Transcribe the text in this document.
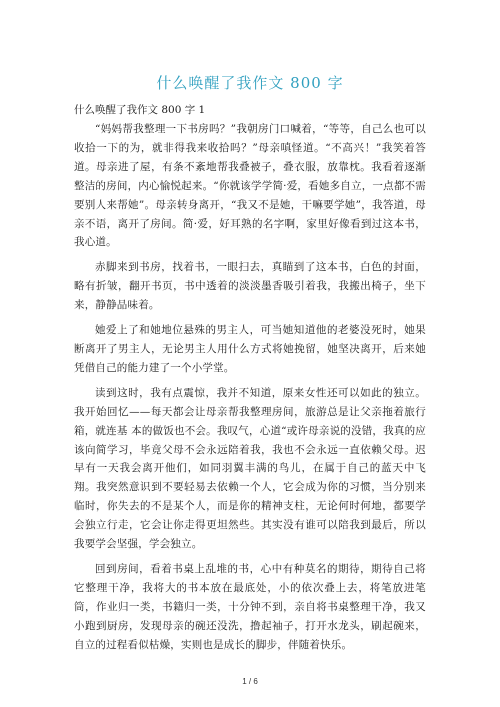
什么唤醒了我作文 800 字

什么唤醒了我作文 800 字 1

“妈妈帮我整理一下书房吗？”我朝房门口喊着，“等等，自己么也可以收拾一下的为，就非得我来收拾吗？”母亲嗔怪道。“不高兴！”我笑着答道。母亲进了屋，有条不紊地帮我叠被子，叠衣服，放靠枕。我看着逐渐整洁的房间，内心愉悦起来。“你就该学学简·爱，看她多自立，一点都不需要别人来帮她”。母亲转身离开，“我又不是她，干嘛要学她”，我答道，母亲不语，离开了房间。简·爱，好耳熟的名字啊，家里好像看到过这本书，我心道。

赤脚来到书房，找着书，一眼扫去，真瞄到了这本书，白色的封面，略有折皱，翻开书页，书中透着的淡淡墨香吸引着我，我搬出椅子，坐下来，静静品味着。

她爱上了和她地位悬殊的男主人，可当她知道他的老婆没死时，她果断离开了男主人，无论男主人用什么方式将她挽留，她坚决离开，后来她凭借自己的能力建了一个小学堂。

读到这时，我有点震惊，我并不知道，原来女性还可以如此的独立。我开始回忆——每天都会让母亲帮我整理房间，旅游总是让父亲拖着旅行箱，就连基 本的做饭也不会。我叹气，心道“或许母亲说的没错，我真的应该向简学习，毕竟父母不会永远陪着我，我也不会永远一直依赖父母。迟早有一天我会离开他们，如同羽翼丰满的鸟儿，在属于自己的蓝天中飞翔。我突然意识到不要轻易去依赖一个人，它会成为你的习惯，当分别来临时，你失去的不是某个人，而是你的精神支柱，无论何时何地，都要学会独立行走，它会让你走得更坦然些。其实没有谁可以陪我到最后，所以我要学会坚强，学会独立。

回到房间，看着书桌上乱堆的书，心中有种莫名的期待，期待自己将它整理干净，我将大的书本放在最底处，小的依次叠上去，将笔放进笔筒，作业归一类，书籍归一类，十分钟不到，亲自将书桌整理干净，我又小跑到厨房，发现母亲的碗还没洗，撸起袖子，打开水龙头，刷起碗来，自立的过程看似枯燥，实则也是成长的脚步，伴随着快乐。

1 / 6
